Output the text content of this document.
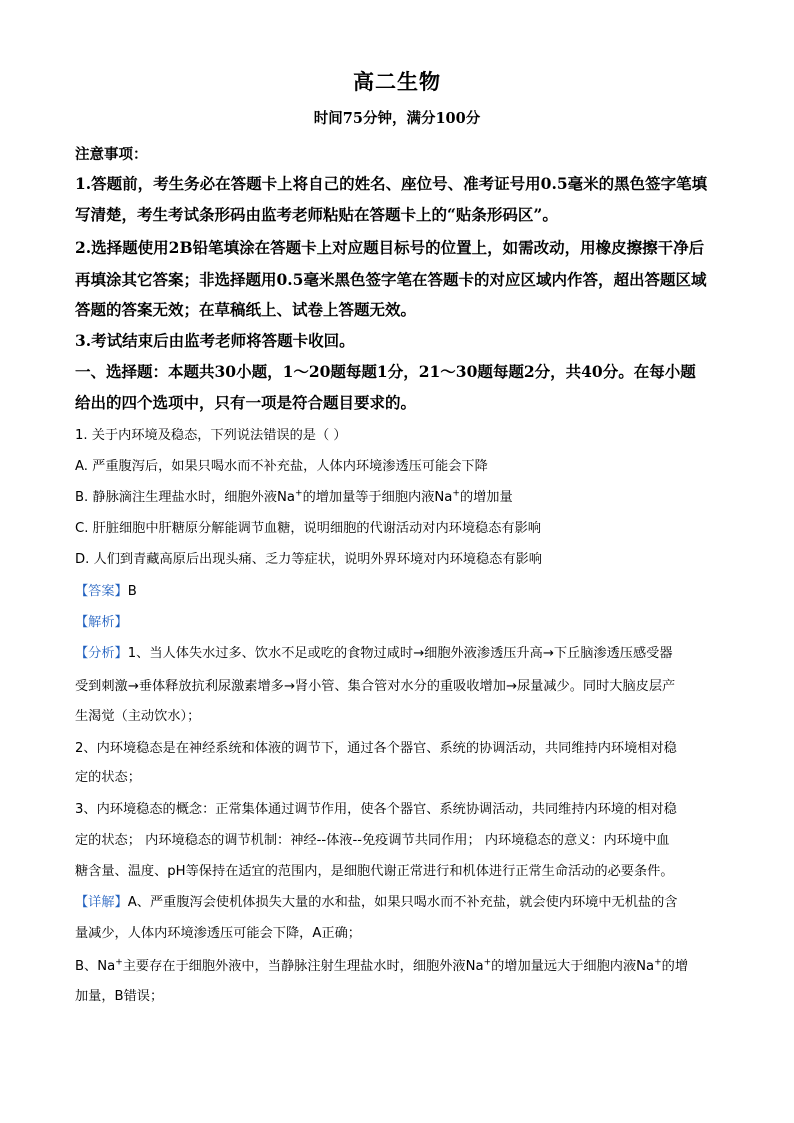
高二生物
时间75分钟，满分100分
注意事项：
1.答题前，考生务必在答题卡上将自己的姓名、座位号、准考证号用0.5毫米的黑色签字笔填
写清楚，考生考试条形码由监考老师粘贴在答题卡上的“贴条形码区”。
2.选择题使用2B铅笔填涂在答题卡上对应题目标号的位置上，如需改动，用橡皮擦擦干净后
再填涂其它答案；非选择题用0.5毫米黑色签字笔在答题卡的对应区域内作答，超出答题区域
答题的答案无效；在草稿纸上、试卷上答题无效。
3.考试结束后由监考老师将答题卡收回。
一、选择题：本题共30小题，1～20题每题1分，21～30题每题2分，共40分。在每小题
给出的四个选项中，只有一项是符合题目要求的。
1. 关于内环境及稳态，下列说法错误的是（ ）
A. 严重腹泻后，如果只喝水而不补充盐，人体内环境渗透压可能会下降
B. 静脉滴注生理盐水时，细胞外液Na+的增加量等于细胞内液Na+的增加量
C. 肝脏细胞中肝糖原分解能调节血糖，说明细胞的代谢活动对内环境稳态有影响
D. 人们到青藏高原后出现头痛、乏力等症状，说明外界环境对内环境稳态有影响
【答案】B
【解析】
【分析】1、当人体失水过多、饮水不足或吃的食物过咸时→细胞外液渗透压升高→下丘脑渗透压感受器
受到刺激→垂体释放抗利尿激素增多→肾小管、集合管对水分的重吸收增加→尿量减少。同时大脑皮层产
生渴觉（主动饮水）；
2、内环境稳态是在神经系统和体液的调节下，通过各个器官、系统的协调活动，共同维持内环境相对稳
定的状态；
3、内环境稳态的概念：正常集体通过调节作用，使各个器官、系统协调活动，共同维持内环境的相对稳
定的状态； 内环境稳态的调节机制：神经--体液--免疫调节共同作用； 内环境稳态的意义：内环境中血
糖含量、温度、pH等保持在适宜的范围内，是细胞代谢正常进行和机体进行正常生命活动的必要条件。
【详解】A、严重腹泻会使机体损失大量的水和盐，如果只喝水而不补充盐，就会使内环境中无机盐的含
量减少，人体内环境渗透压可能会下降，A正确；
B、Na+主要存在于细胞外液中，当静脉注射生理盐水时，细胞外液Na+的增加量远大于细胞内液Na+的增
加量，B错误；
